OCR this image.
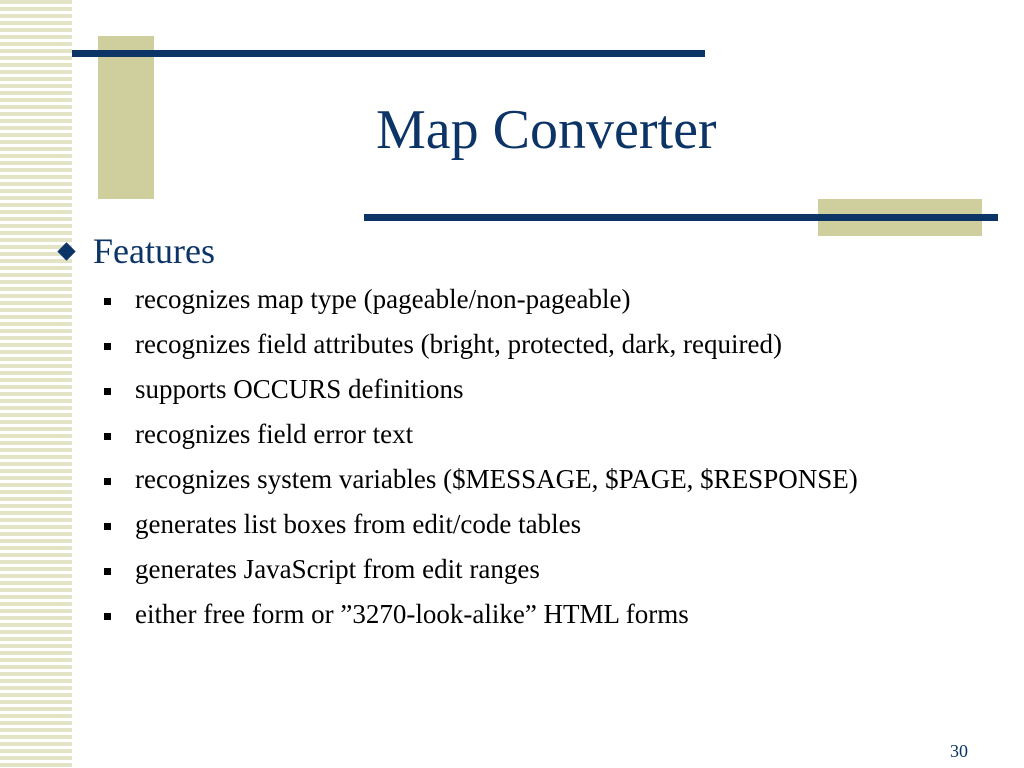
Map Converter
Features
recognizes map type (pageable/non-pageable)
recognizes field attributes (bright, protected, dark, required)
supports OCCURS definitions
recognizes field error text
recognizes system variables ($MESSAGE, $PAGE, $RESPONSE)
generates list boxes from edit/code tables
generates JavaScript from edit ranges
either free form or ”3270-look-alike” HTML forms
30
